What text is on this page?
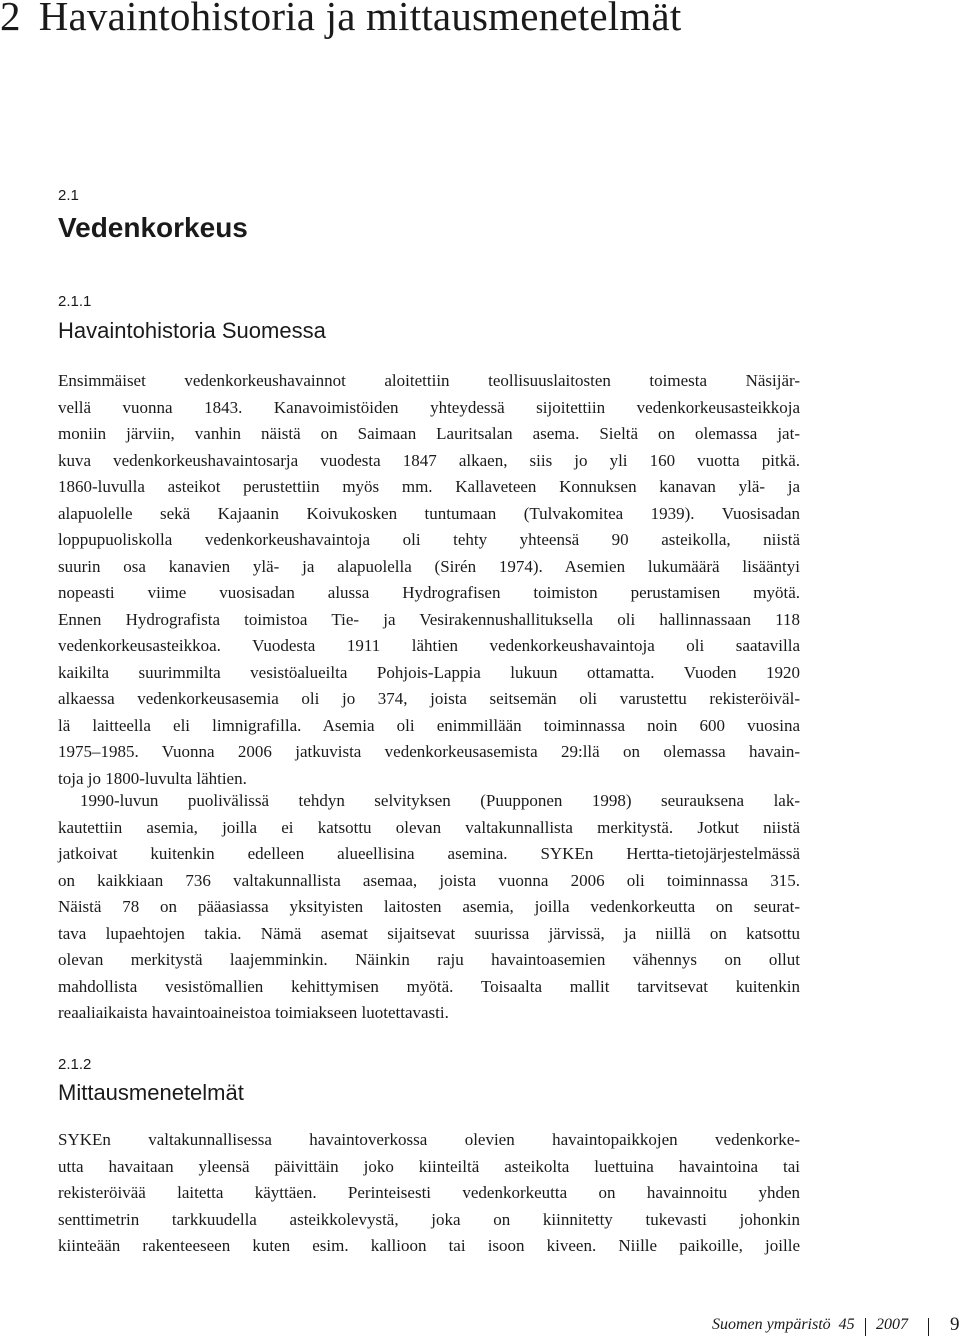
2 Havaintohistoria ja mittausmenetelmät
2.1
Vedenkorkeus
2.1.1
Havaintohistoria Suomessa
Ensimmäiset vedenkorkeushavainnot aloitettiin teollisuuslaitosten toimesta Näsijär-
vellä vuonna 1843. Kanavoimistöiden yhteydessä sijoitettiin vedenkorkeusasteikkoja
moniin järviin, vanhin näistä on Saimaan Lauritsalan asema. Sieltä on olemassa jat-
kuva vedenkorkeushavaintosarja vuodesta 1847 alkaen, siis jo yli 160 vuotta pitkä.
1860-luvulla asteikot perustettiin myös mm. Kallaveteen Konnuksen kanavan ylä- ja
alapuolelle sekä Kajaanin Koivukosken tuntumaan (Tulvakomitea 1939). Vuosisadan
loppupuoliskolla vedenkorkeushavaintoja oli tehty yhteensä 90 asteikolla, niistä
suurin osa kanavien ylä- ja alapuolella (Sirén 1974). Asemien lukumäärä lisääntyi
nopeasti viime vuosisadan alussa Hydrografisen toimiston perustamisen myötä.
Ennen Hydrografista toimistoa Tie- ja Vesirakennushallituksella oli hallinnassaan 118
vedenkorkeusasteikkoa. Vuodesta 1911 lähtien vedenkorkeushavaintoja oli saatavilla
kaikilta suurimmilta vesistöalueilta Pohjois-Lappia lukuun ottamatta. Vuoden 1920
alkaessa vedenkorkeusasemia oli jo 374, joista seitsemän oli varustettu rekisteröiväl-
lä laitteella eli limnigrafilla. Asemia oli enimmillään toiminnassa noin 600 vuosina
1975–1985. Vuonna 2006 jatkuvista vedenkorkeusasemista 29:llä on olemassa havain-
toja jo 1800-luvulta lähtien.
1990-luvun puolivälissä tehdyn selvityksen (Puupponen 1998) seurauksena lak-
kautettiin asemia, joilla ei katsottu olevan valtakunnallista merkitystä. Jotkut niistä
jatkoivat kuitenkin edelleen alueellisina asemina. SYKEn Hertta-tietojärjestelmässä
on kaikkiaan 736 valtakunnallista asemaa, joista vuonna 2006 oli toiminnassa 315.
Näistä 78 on pääasiassa yksityisten laitosten asemia, joilla vedenkorkeutta on seurat-
tava lupaehtojen takia. Nämä asemat sijaitsevat suurissa järvissä, ja niillä on katsottu
olevan merkitystä laajemminkin. Näinkin raju havaintoasemien vähennys on ollut
mahdollista vesistömallien kehittymisen myötä. Toisaalta mallit tarvitsevat kuitenkin
reaaliaikaista havaintoaineistoa toimiakseen luotettavasti.
2.1.2
Mittausmenetelmät
SYKEn valtakunnallisessa havaintoverkossa olevien havaintopaikkojen vedenkorke-
utta havaitaan yleensä päivittäin joko kiinteiltä asteikolta luettuina havaintoina tai
rekisteröivää laitetta käyttäen. Perinteisesti vedenkorkeutta on havainnoitu yhden
senttimetrin tarkkuudella asteikkolevystä, joka on kiinnitetty tukevasti johonkin
kiinteään rakenteeseen kuten esim. kallioon tai isoon kiveen. Niille paikoille, joille
Suomen ympäristö 45 2007 9
